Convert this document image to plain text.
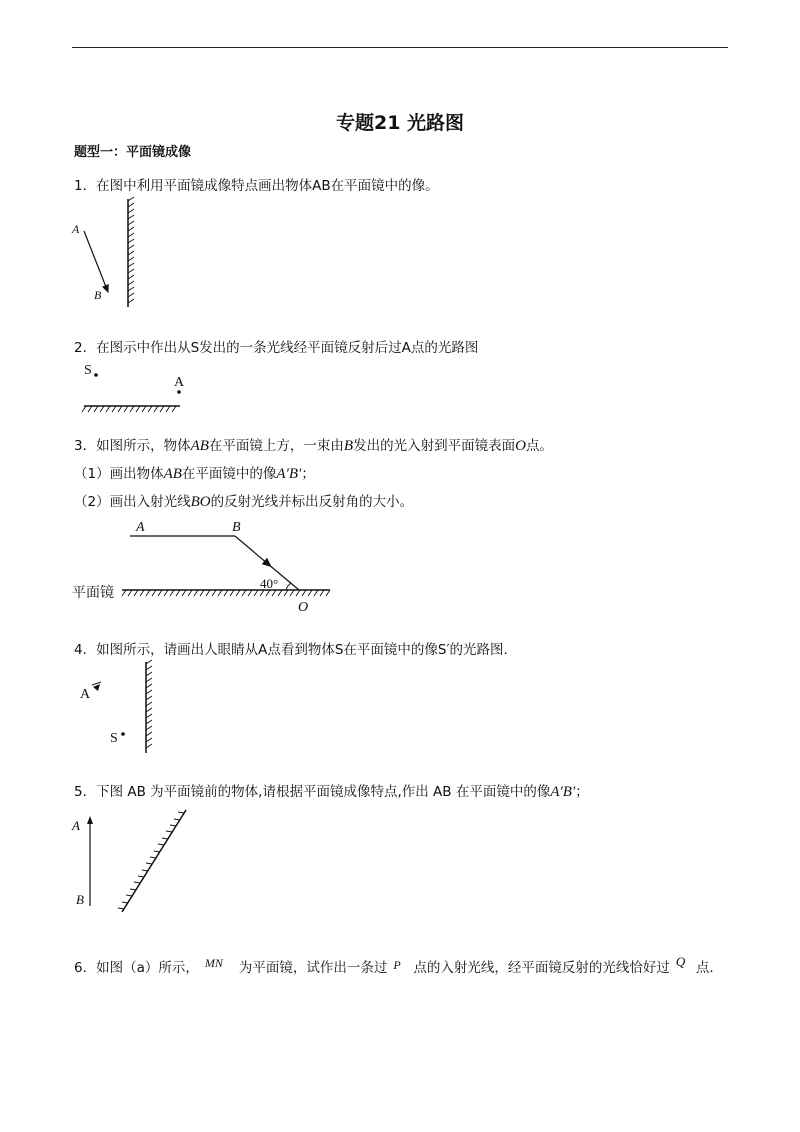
专题21 光路图
题型一：平面镜成像
1．在图中利用平面镜成像特点画出物体AB在平面镜中的像。
A
B
2．在图示中作出从S发出的一条光线经平面镜反射后过A点的光路图
S
A
3．如图所示，物体AB在平面镜上方，一束由B发出的光入射到平面镜表面O点。
（1）画出物体AB在平面镜中的像A′B′；
（2）画出入射光线BO的反射光线并标出反射角的大小。
A	B
40°
平面镜
O
4．如图所示，请画出人眼睛从A点看到物体S在平面镜中的像S′的光路图.
A
S
5．下图 AB 为平面镜前的物体,请根据平面镜成像特点,作出 AB 在平面镜中的像A′B′；
A
B
6．如图（a）所示， MN 为平面镜，试作出一条过 P 点的入射光线，经平面镜反射的光线恰好过 Q 点.
